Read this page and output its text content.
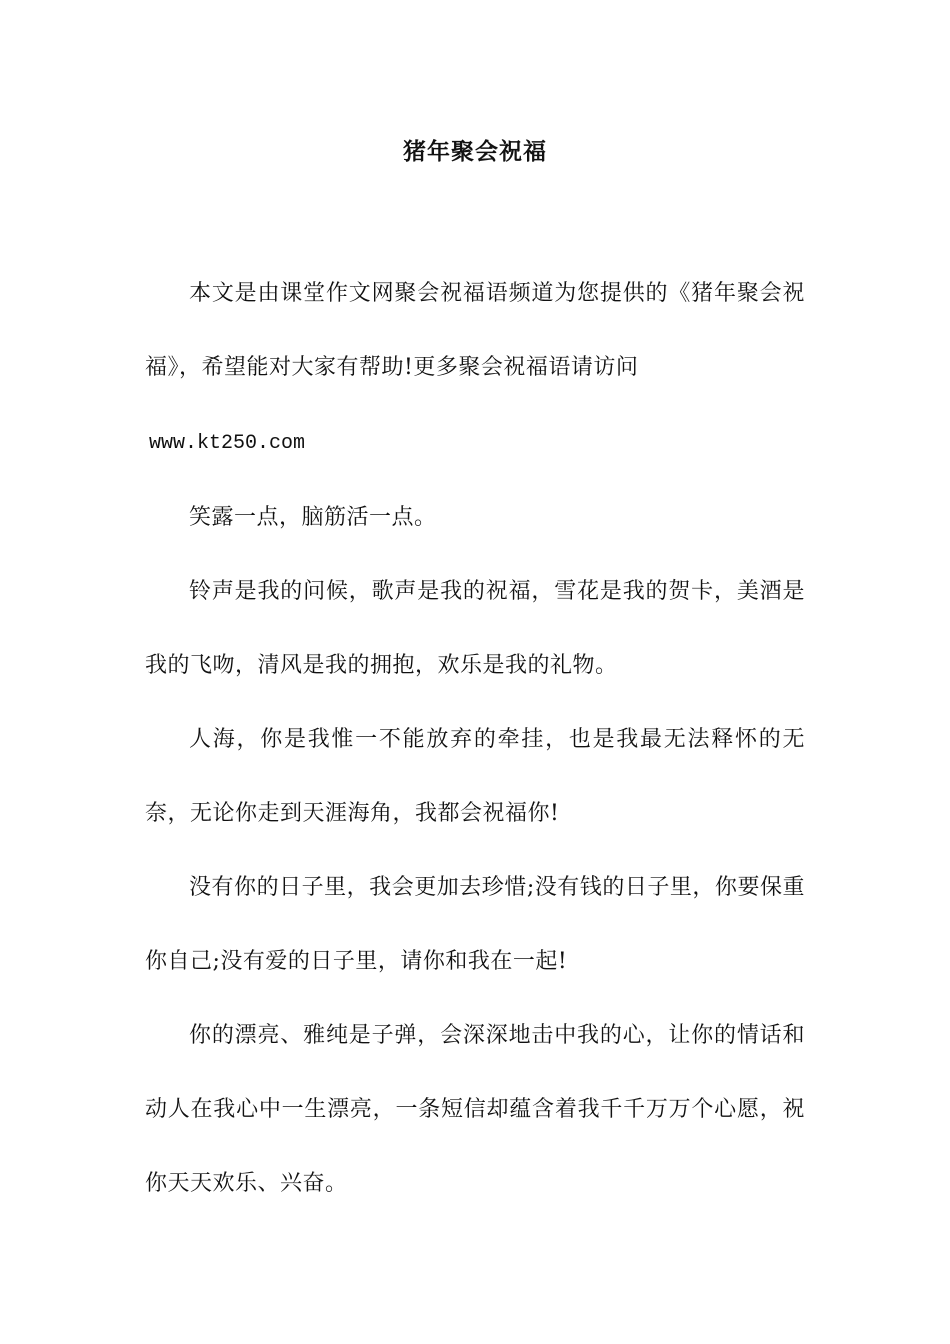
猪年聚会祝福

本文是由课堂作文网聚会祝福语频道为您提供的《猪年聚会祝福》，希望能对大家有帮助!更多聚会祝福语请访问
www.kt250.com

笑露一点，脑筋活一点。

铃声是我的问候，歌声是我的祝福，雪花是我的贺卡，美酒是我的飞吻，清风是我的拥抱，欢乐是我的礼物。

人海，你是我惟一不能放弃的牵挂，也是我最无法释怀的无奈，无论你走到天涯海角，我都会祝福你!

没有你的日子里，我会更加去珍惜;没有钱的日子里，你要保重你自己;没有爱的日子里，请你和我在一起!

你的漂亮、雅纯是子弹，会深深地击中我的心，让你的情话和动人在我心中一生漂亮，一条短信却蕴含着我千千万万个心愿，祝你天天欢乐、兴奋。
